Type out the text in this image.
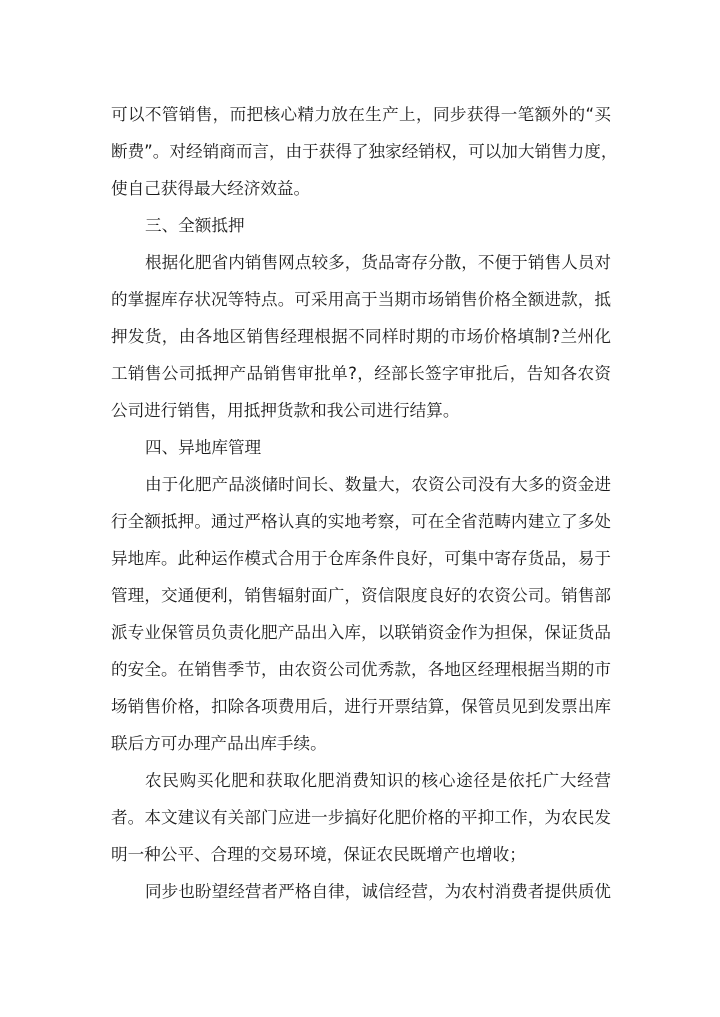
可以不管销售，而把核心精力放在生产上，同步获得一笔额外的“买
断费”。对经销商而言，由于获得了独家经销权，可以加大销售力度，
使自己获得最大经济效益。
三、全额抵押
根据化肥省内销售网点较多，货品寄存分散，不便于销售人员对
的掌握库存状况等特点。可采用高于当期市场销售价格全额进款，抵
押发货，由各地区销售经理根据不同样时期的市场价格填制?兰州化
工销售公司抵押产品销售审批单?，经部长签字审批后，告知各农资
公司进行销售，用抵押货款和我公司进行结算。
四、异地库管理
由于化肥产品淡储时间长、数量大，农资公司没有大多的资金进
行全额抵押。通过严格认真的实地考察，可在全省范畴内建立了多处
异地库。此种运作模式合用于仓库条件良好，可集中寄存货品，易于
管理，交通便利，销售辐射面广，资信限度良好的农资公司。销售部
派专业保管员负责化肥产品出入库，以联销资金作为担保，保证货品
的安全。在销售季节，由农资公司优秀款，各地区经理根据当期的市
场销售价格，扣除各项费用后，进行开票结算，保管员见到发票出库
联后方可办理产品出库手续。
农民购买化肥和获取化肥消费知识的核心途径是依托广大经营
者。本文建议有关部门应进一步搞好化肥价格的平抑工作，为农民发
明一种公平、合理的交易环境，保证农民既增产也增收；
同步也盼望经营者严格自律，诚信经营，为农村消费者提供质优
